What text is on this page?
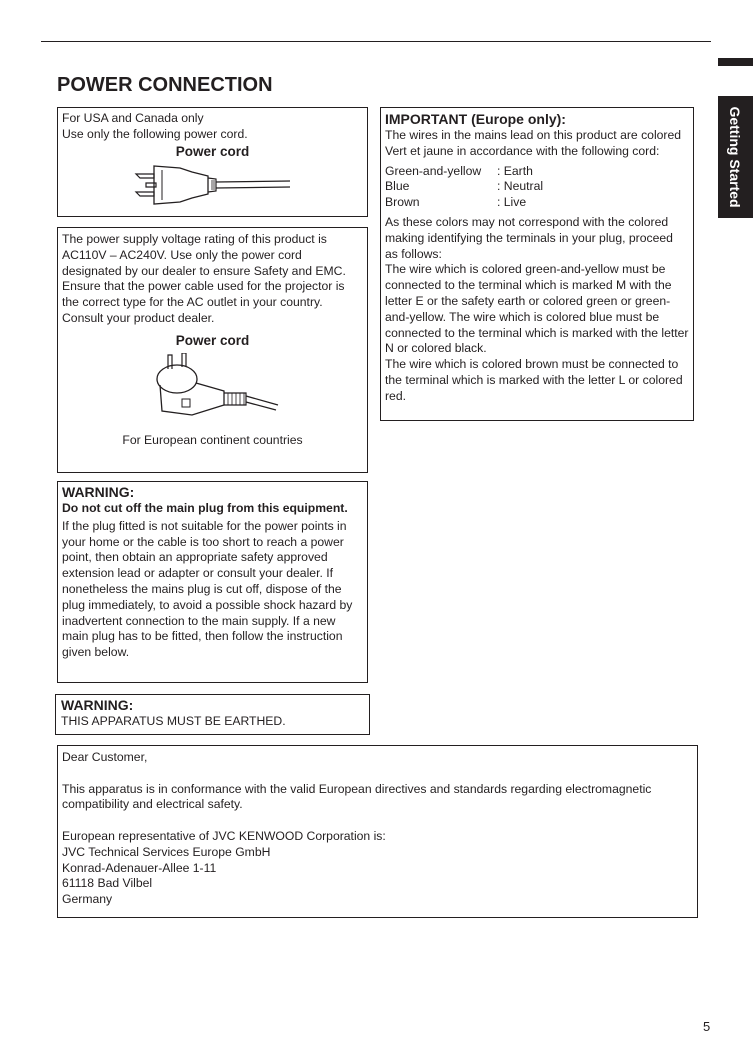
Getting Started
POWER CONNECTION
For USA and Canada only
Use only the following power cord.
Power cord
The power supply voltage rating of this product is AC110V – AC240V. Use only the power cord designated by our dealer to ensure Safety and EMC. Ensure that the power cable used for the projector is the correct type for the AC outlet in your country. Consult your product dealer.
Power cord
For European continent countries
IMPORTANT (Europe only):
The wires in the mains lead on this product are colored Vert et jaune in accordance with the following cord:
Green-and-yellow	: Earth
Blue	: Neutral
Brown	: Live
As these colors may not correspond with the colored making identifying the terminals in your plug, proceed as follows:
The wire which is colored green-and-yellow must be connected to the terminal which is marked M with the letter E or the safety earth or colored green or green-and-yellow. The wire which is colored blue must be connected to the terminal which is marked with the letter N or colored black.
The wire which is colored brown must be connected to the terminal which is marked with the letter L or colored red.
WARNING:
Do not cut off the main plug from this equipment.
If the plug fitted is not suitable for the power points in your home or the cable is too short to reach a power point, then obtain an appropriate safety approved extension lead or adapter or consult your dealer. If nonetheless the mains plug is cut off, dispose of the plug immediately, to avoid a possible shock hazard by inadvertent connection to the main supply. If a new main plug has to be fitted, then follow the instruction given below.
WARNING:
THIS APPARATUS MUST BE EARTHED.
Dear Customer,
This apparatus is in conformance with the valid European directives and standards regarding electromagnetic compatibility and electrical safety.
European representative of JVC KENWOOD Corporation is:
JVC Technical Services Europe GmbH
Konrad-Adenauer-Allee 1-11
61118 Bad Vilbel
Germany
5
